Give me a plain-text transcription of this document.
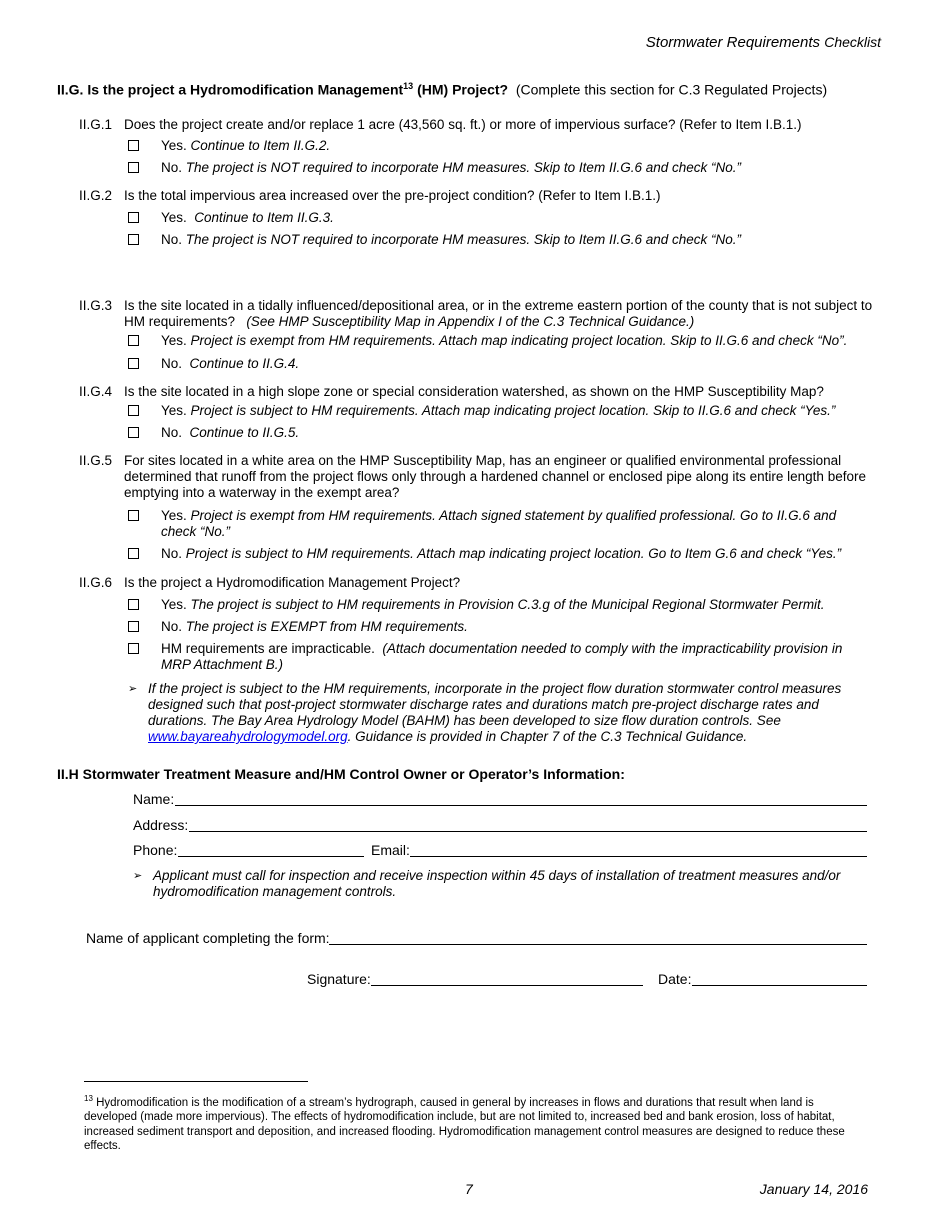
Stormwater Requirements Checklist
II.G. Is the project a Hydromodification Management$^{13}$ (HM) Project? (Complete this section for C.3 Regulated Projects)
II.G.1 Does the project create and/or replace 1 acre (43,560 sq. ft.) or more of impervious surface? (Refer to Item I.B.1.)
Yes. Continue to Item II.G.2.
No. The project is NOT required to incorporate HM measures. Skip to Item II.G.6 and check “No.”
II.G.2 Is the total impervious area increased over the pre-project condition? (Refer to Item I.B.1.)
Yes. Continue to Item II.G.3.
No. The project is NOT required to incorporate HM measures. Skip to Item II.G.6 and check “No.”
II.G.3 Is the site located in a tidally influenced/depositional area, or in the extreme eastern portion of the county that is not subject to HM requirements? (See HMP Susceptibility Map in Appendix I of the C.3 Technical Guidance.)
Yes. Project is exempt from HM requirements. Attach map indicating project location. Skip to II.G.6 and check “No”.
No. Continue to II.G.4.
II.G.4 Is the site located in a high slope zone or special consideration watershed, as shown on the HMP Susceptibility Map?
Yes. Project is subject to HM requirements. Attach map indicating project location. Skip to II.G.6 and check “Yes.”
No. Continue to II.G.5.
II.G.5 For sites located in a white area on the HMP Susceptibility Map, has an engineer or qualified environmental professional determined that runoff from the project flows only through a hardened channel or enclosed pipe along its entire length before emptying into a waterway in the exempt area?
Yes. Project is exempt from HM requirements. Attach signed statement by qualified professional. Go to II.G.6 and check “No.”
No. Project is subject to HM requirements. Attach map indicating project location. Go to Item G.6 and check “Yes.”
II.G.6 Is the project a Hydromodification Management Project?
Yes. The project is subject to HM requirements in Provision C.3.g of the Municipal Regional Stormwater Permit.
No. The project is EXEMPT from HM requirements.
HM requirements are impracticable. (Attach documentation needed to comply with the impracticability provision in MRP Attachment B.)
➢ If the project is subject to the HM requirements, incorporate in the project flow duration stormwater control measures designed such that post-project stormwater discharge rates and durations match pre-project discharge rates and durations. The Bay Area Hydrology Model (BAHM) has been developed to size flow duration controls. See www.bayareahydrologymodel.org. Guidance is provided in Chapter 7 of the C.3 Technical Guidance.
II.H Stormwater Treatment Measure and/HM Control Owner or Operator’s Information:
Name:
Address:
Phone:	Email:
➢ Applicant must call for inspection and receive inspection within 45 days of installation of treatment measures and/or hydromodification management controls.
Name of applicant completing the form:
Signature:	Date:
$^{13}$ Hydromodification is the modification of a stream’s hydrograph, caused in general by increases in flows and durations that result when land is developed (made more impervious). The effects of hydromodification include, but are not limited to, increased bed and bank erosion, loss of habitat, increased sediment transport and deposition, and increased flooding. Hydromodification management control measures are designed to reduce these effects.
7	January 14, 2016
